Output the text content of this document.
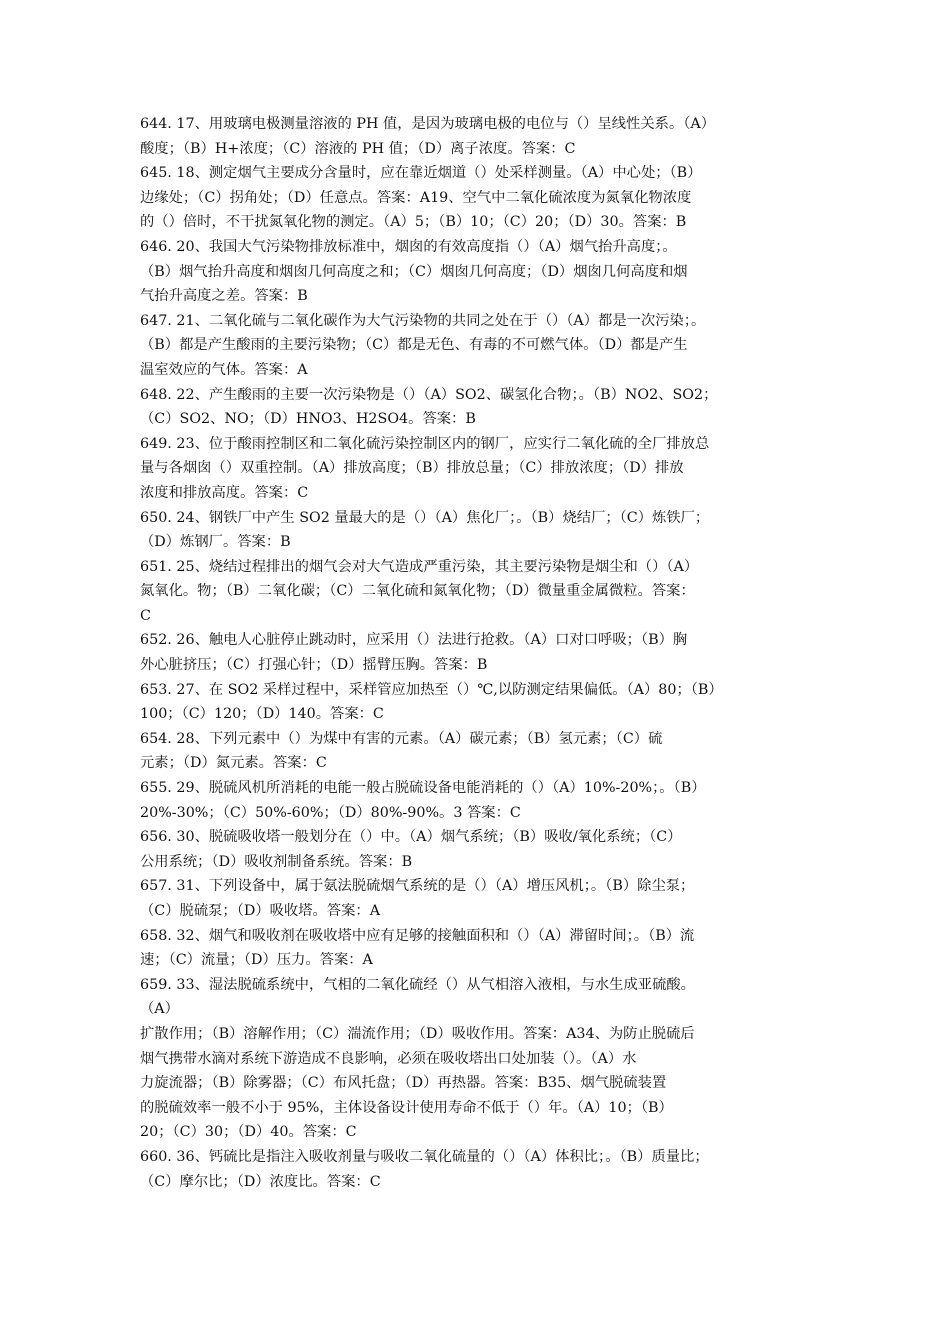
644. 17、用玻璃电极测量溶液的 PH 值，是因为玻璃电极的电位与（）呈线性关系。（A）
酸度；（B）H+浓度；（C）溶液的 PH 值；（D）离子浓度。答案：C
645. 18、测定烟气主要成分含量时，应在靠近烟道（）处采样测量。（A）中心处；（B）
边缘处；（C）拐角处；（D）任意点。答案：A19、空气中二氧化硫浓度为氮氧化物浓度
的（）倍时，不干扰氮氧化物的测定。（A）5；（B）10；（C）20；（D）30。答案：B
646. 20、我国大气污染物排放标准中，烟囱的有效高度指（）（A）烟气抬升高度；。
（B）烟气抬升高度和烟囱几何高度之和；（C）烟囱几何高度；（D）烟囱几何高度和烟
气抬升高度之差。答案：B
647. 21、二氧化硫与二氧化碳作为大气污染物的共同之处在于（）（A）都是一次污染；。
（B）都是产生酸雨的主要污染物；（C）都是无色、有毒的不可燃气体。（D）都是产生
温室效应的气体。答案：A
648. 22、产生酸雨的主要一次污染物是（）（A）SO2、碳氢化合物；。（B）NO2、SO2；
（C）SO2、NO；（D）HNO3、H2SO4。答案：B
649. 23、位于酸雨控制区和二氧化硫污染控制区内的钢厂，应实行二氧化硫的全厂排放总
量与各烟囱（）双重控制。（A）排放高度；（B）排放总量；（C）排放浓度；（D）排放
浓度和排放高度。答案：C
650. 24、钢铁厂中产生 SO2 量最大的是（）（A）焦化厂；。（B）烧结厂；（C）炼铁厂；
（D）炼钢厂。答案：B
651. 25、烧结过程排出的烟气会对大气造成严重污染，其主要污染物是烟尘和（）（A）
氮氧化。物；（B）二氧化碳；（C）二氧化硫和氮氧化物；（D）微量重金属微粒。答案：
C
652. 26、触电人心脏停止跳动时，应采用（）法进行抢救。（A）口对口呼吸；（B）胸
外心脏挤压；（C）打强心针；（D）摇臂压胸。答案：B
653. 27、在 SO2 采样过程中，采样管应加热至（）℃,以防测定结果偏低。（A）80；（B）
100；（C）120；（D）140。答案：C
654. 28、下列元素中（）为煤中有害的元素。（A）碳元素；（B）氢元素；（C）硫
元素；（D）氮元素。答案：C
655. 29、脱硫风机所消耗的电能一般占脱硫设备电能消耗的（）（A）10%-20%；。（B）
20%-30%；（C）50%-60%；（D）80%-90%。3 答案：C
656. 30、脱硫吸收塔一般划分在（）中。（A）烟气系统；（B）吸收/氧化系统；（C）
公用系统；（D）吸收剂制备系统。答案：B
657. 31、下列设备中，属于氨法脱硫烟气系统的是（）（A）增压风机；。（B）除尘泵；
（C）脱硫泵；（D）吸收塔。答案：A
658. 32、烟气和吸收剂在吸收塔中应有足够的接触面积和（）（A）滞留时间；。（B）流
速；（C）流量；（D）压力。答案：A
659. 33、湿法脱硫系统中，气相的二氧化硫经（）从气相溶入液相，与水生成亚硫酸。
（A）
扩散作用；（B）溶解作用；（C）湍流作用；（D）吸收作用。答案：A34、为防止脱硫后
烟气携带水滴对系统下游造成不良影响，必须在吸收塔出口处加装（）。（A）水
力旋流器；（B）除雾器；（C）布风托盘；（D）再热器。答案：B35、烟气脱硫装置
的脱硫效率一般不小于 95%，主体设备设计使用寿命不低于（）年。（A）10；（B）
20；（C）30；（D）40。答案：C
660. 36、钙硫比是指注入吸收剂量与吸收二氧化硫量的（）（A）体积比；。（B）质量比；
（C）摩尔比；（D）浓度比。答案：C
